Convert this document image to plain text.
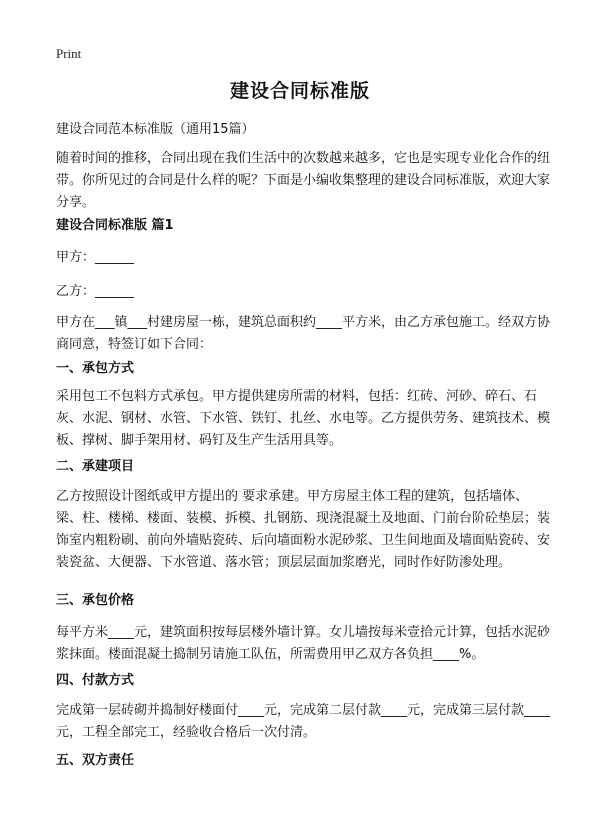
Print
建设合同标准版

建设合同范本标准版（通用15篇）

随着时间的推移，合同出现在我们生活中的次数越来越多，它也是实现专业化合作的纽带。你所见过的合同是什么样的呢？下面是小编收集整理的建设合同标准版，欢迎大家分享。

建设合同标准版 篇1

甲方：______

乙方：______

甲方在___镇___村建房屋一栋，建筑总面积约____平方米，由乙方承包施工。经双方协商同意，特签订如下合同：

一、承包方式

采用包工不包料方式承包。甲方提供建房所需的材料，包括：红砖、河砂、碎石、石灰、水泥、钢材、水管、下水管、铁钉、扎丝、水电等。乙方提供劳务、建筑技术、模板、撑树、脚手架用材、码钉及生产生活用具等。

二、承建项目

乙方按照设计图纸或甲方提出的 要求承建。甲方房屋主体工程的建筑，包括墙体、梁、柱、楼梯、楼面、装模、拆模、扎钢筋、现浇混凝土及地面、门前台阶砼垫层；装饰室内粗粉刷、前向外墙贴瓷砖、后向墙面粉水泥砂浆、卫生间地面及墙面贴瓷砖、安装瓷盆、大便器、下水管道、落水管；顶层层面加浆磨光，同时作好防渗处理。

三、承包价格

每平方米____元，建筑面积按每层楼外墙计算。女儿墙按每米壹拾元计算，包括水泥砂浆抹面。楼面混凝土捣制另请施工队伍，所需费用甲乙双方各负担____%。

四、付款方式

完成第一层砖砌并捣制好楼面付____元，完成第二层付款____元，完成第三层付款____元，工程全部完工，经验收合格后一次付清。

五、双方责任
